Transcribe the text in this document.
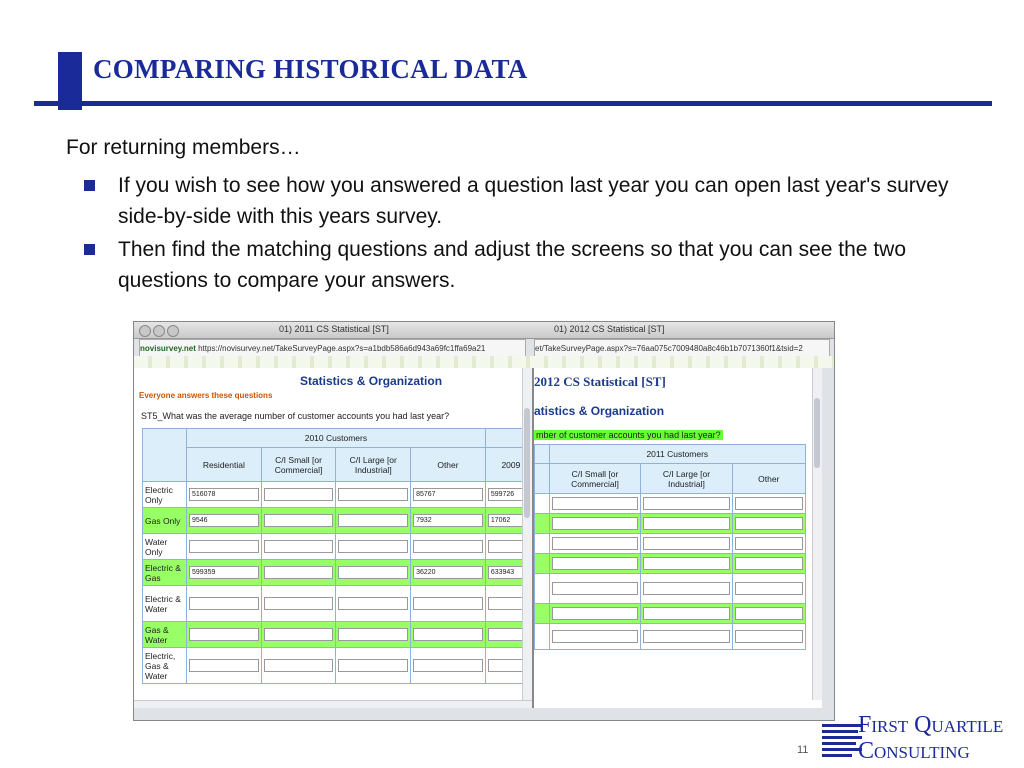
COMPARING HISTORICAL DATA
For returning members…
If you wish to see how you answered a question last year you can open last year's survey side-by-side with this years survey.
Then find the matching questions and adjust the screens so that you can see the two questions to compare your answers.
01) 2011 CS Statistical [ST]	01) 2012 CS Statistical [ST]
novisurvey.net https://novisurvey.net/TakeSurveyPage.aspx?s=a1bdb586a6d943a69fc1ffa69a21	et/TakeSurveyPage.aspx?s=76aa075c7009480a8c46b1b7071360f1&tsid=2
Statistics & Organization
Everyone answers these questions
ST5_What was the average number of customer accounts you had last year?
	2010 Customers	
	Residential	C/I Small [or Commercial]	C/I Large [or Industrial]	Other	2009
Electric Only	516078			85767	599726

Gas Only	9546			7932	17062

Water Only	

Electric & Gas	599359			36220	633943

Electric & Water	

Gas & Water	

Electric, Gas & Water	

2012 CS Statistical [ST]
atistics & Organization
mber of customer accounts you had last year?
	2011 Customers		
	C/I Small [or Commercial]	C/I Large [or Industrial]	Other

First Quartile
Consulting
11
